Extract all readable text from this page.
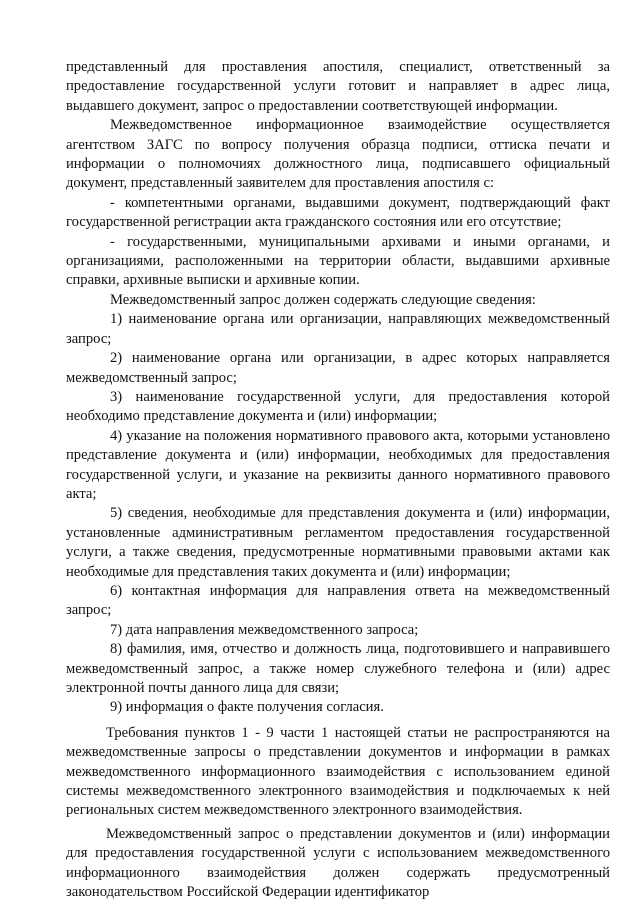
представленный для проставления апостиля, специалист, ответственный за предоставление государственной услуги готовит и направляет в адрес лица, выдавшего документ, запрос о предоставлении соответствующей информации.

Межведомственное информационное взаимодействие осуществляется агентством ЗАГС по вопросу получения образца подписи, оттиска печати и информации о полномочиях должностного лица, подписавшего официальный документ, представленный заявителем для проставления апостиля с:

- компетентными органами, выдавшими документ, подтверждающий факт государственной регистрации акта гражданского состояния или его отсутствие;

- государственными, муниципальными архивами и иными органами, и организациями, расположенными на территории области, выдавшими архивные справки, архивные выписки и архивные копии.

Межведомственный запрос должен содержать следующие сведения:

1) наименование органа или организации, направляющих межведомственный запрос;

2) наименование органа или организации, в адрес которых направляется межведомственный запрос;

3) наименование государственной услуги, для предоставления которой необходимо представление документа и (или) информации;

4) указание на положения нормативного правового акта, которыми установлено представление документа и (или) информации, необходимых для предоставления государственной услуги, и указание на реквизиты данного нормативного правового акта;

5) сведения, необходимые для представления документа и (или) информации, установленные административным регламентом предоставления государственной услуги, а также сведения, предусмотренные нормативными правовыми актами как необходимые для представления таких документа и (или) информации;

6) контактная информация для направления ответа на межведомственный запрос;

7) дата направления межведомственного запроса;

8) фамилия, имя, отчество и должность лица, подготовившего и направившего межведомственный запрос, а также номер служебного телефона и (или) адрес электронной почты данного лица для связи;

9) информация о факте получения согласия.

Требования пунктов 1 - 9 части 1 настоящей статьи не распространяются на межведомственные запросы о представлении документов и информации в рамках межведомственного информационного взаимодействия с использованием единой системы межведомственного электронного взаимодействия и подключаемых к ней региональных систем межведомственного электронного взаимодействия.

Межведомственный запрос о представлении документов и (или) информации для предоставления государственной услуги с использованием межведомственного информационного взаимодействия должен содержать предусмотренный законодательством Российской Федерации идентификатор
